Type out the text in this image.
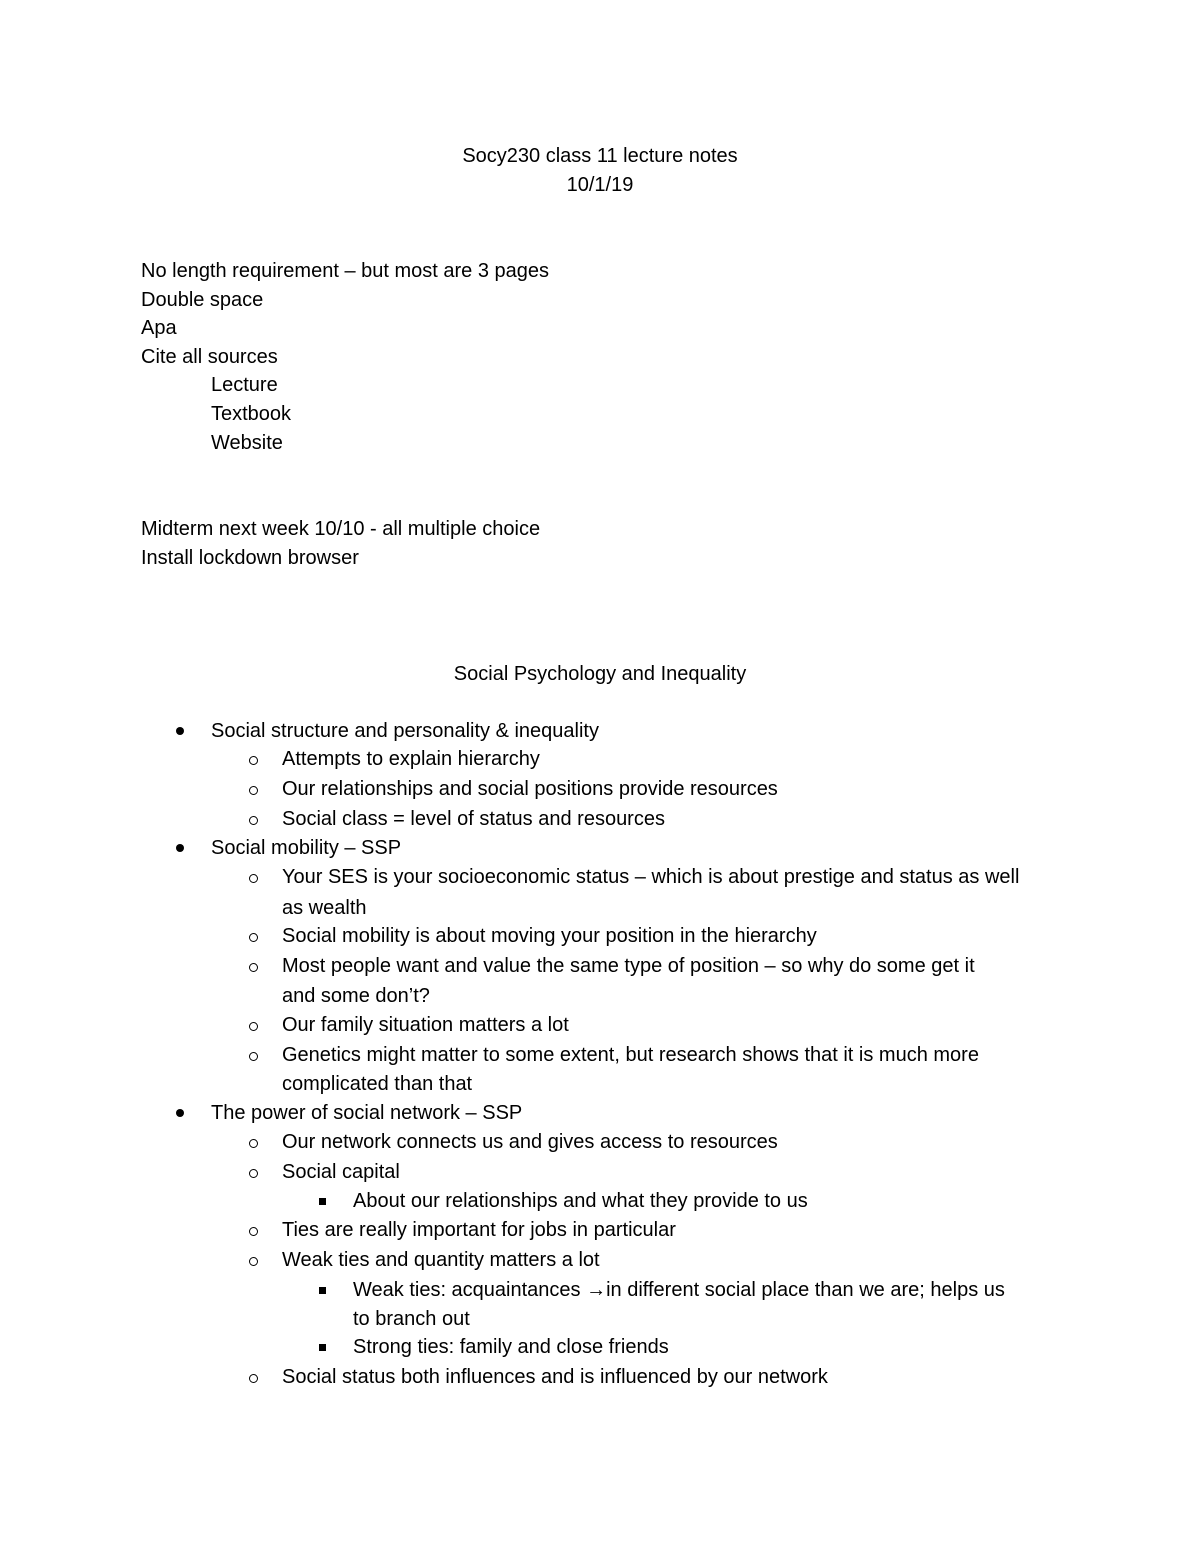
Socy230 class 11 lecture notes
10/1/19
No length requirement – but most are 3 pages
Double space
Apa
Cite all sources
Lecture
Textbook
Website
Midterm next week 10/10 - all multiple choice
Install lockdown browser
Social Psychology and Inequality
Social structure and personality & inequality
Attempts to explain hierarchy
Our relationships and social positions provide resources
Social class = level of status and resources
Social mobility – SSP
Your SES is your socioeconomic status – which is about prestige and status as well
as wealth
Social mobility is about moving your position in the hierarchy
Most people want and value the same type of position – so why do some get it
and some don’t?
Our family situation matters a lot
Genetics might matter to some extent, but research shows that it is much more
complicated than that
The power of social network – SSP
Our network connects us and gives access to resources
Social capital
About our relationships and what they provide to us
Ties are really important for jobs in particular
Weak ties and quantity matters a lot
Weak ties: acquaintances →in different social place than we are; helps us
to branch out
Strong ties: family and close friends
Social status both influences and is influenced by our network
